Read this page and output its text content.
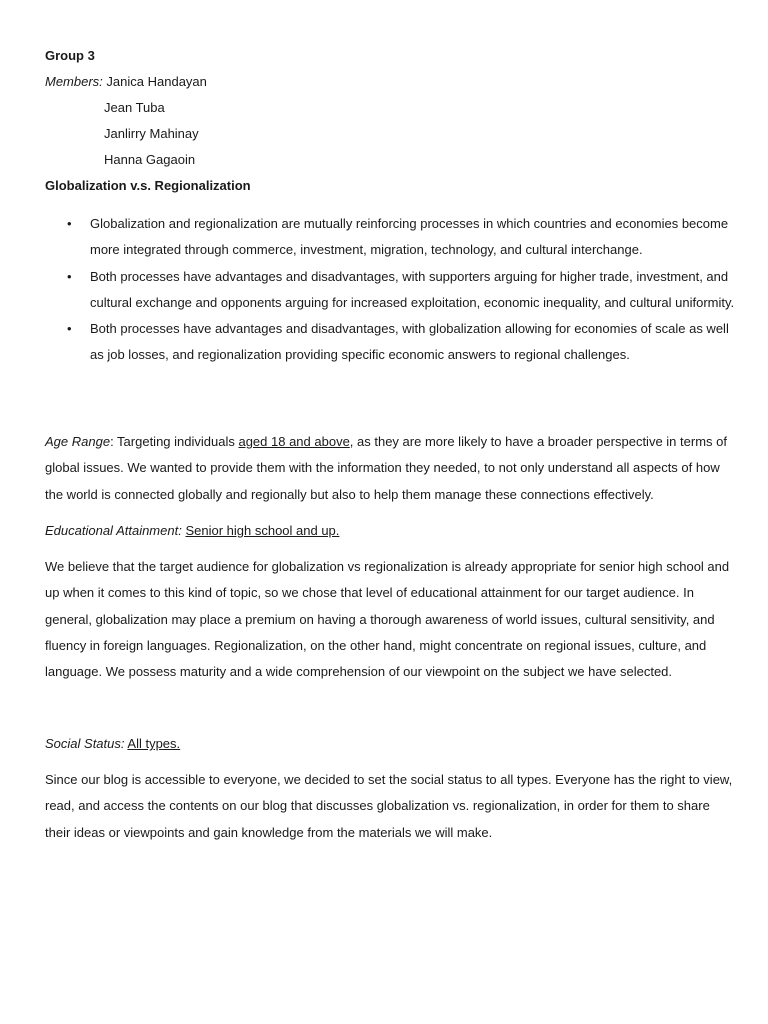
Group 3
Members: Janica Handayan
Jean Tuba
Janlirry Mahinay
Hanna Gagaoin
Globalization v.s. Regionalization
• Globalization and regionalization are mutually reinforcing processes in which countries and economies become more integrated through commerce, investment, migration, technology, and cultural interchange.
• Both processes have advantages and disadvantages, with supporters arguing for higher trade, investment, and cultural exchange and opponents arguing for increased exploitation, economic inequality, and cultural uniformity.
• Both processes have advantages and disadvantages, with globalization allowing for economies of scale as well as job losses, and regionalization providing specific economic answers to regional challenges.

Age Range: Targeting individuals aged 18 and above, as they are more likely to have a broader perspective in terms of global issues. We wanted to provide them with the information they needed, to not only understand all aspects of how the world is connected globally and regionally but also to help them manage these connections effectively.

Educational Attainment: Senior high school and up.

We believe that the target audience for globalization vs regionalization is already appropriate for senior high school and up when it comes to this kind of topic, so we chose that level of educational attainment for our target audience. In general, globalization may place a premium on having a thorough awareness of world issues, cultural sensitivity, and fluency in foreign languages. Regionalization, on the other hand, might concentrate on regional issues, culture, and language. We possess maturity and a wide comprehension of our viewpoint on the subject we have selected.

Social Status: All types.

Since our blog is accessible to everyone, we decided to set the social status to all types. Everyone has the right to view, read, and access the contents on our blog that discusses globalization vs. regionalization, in order for them to share their ideas or viewpoints and gain knowledge from the materials we will make.
